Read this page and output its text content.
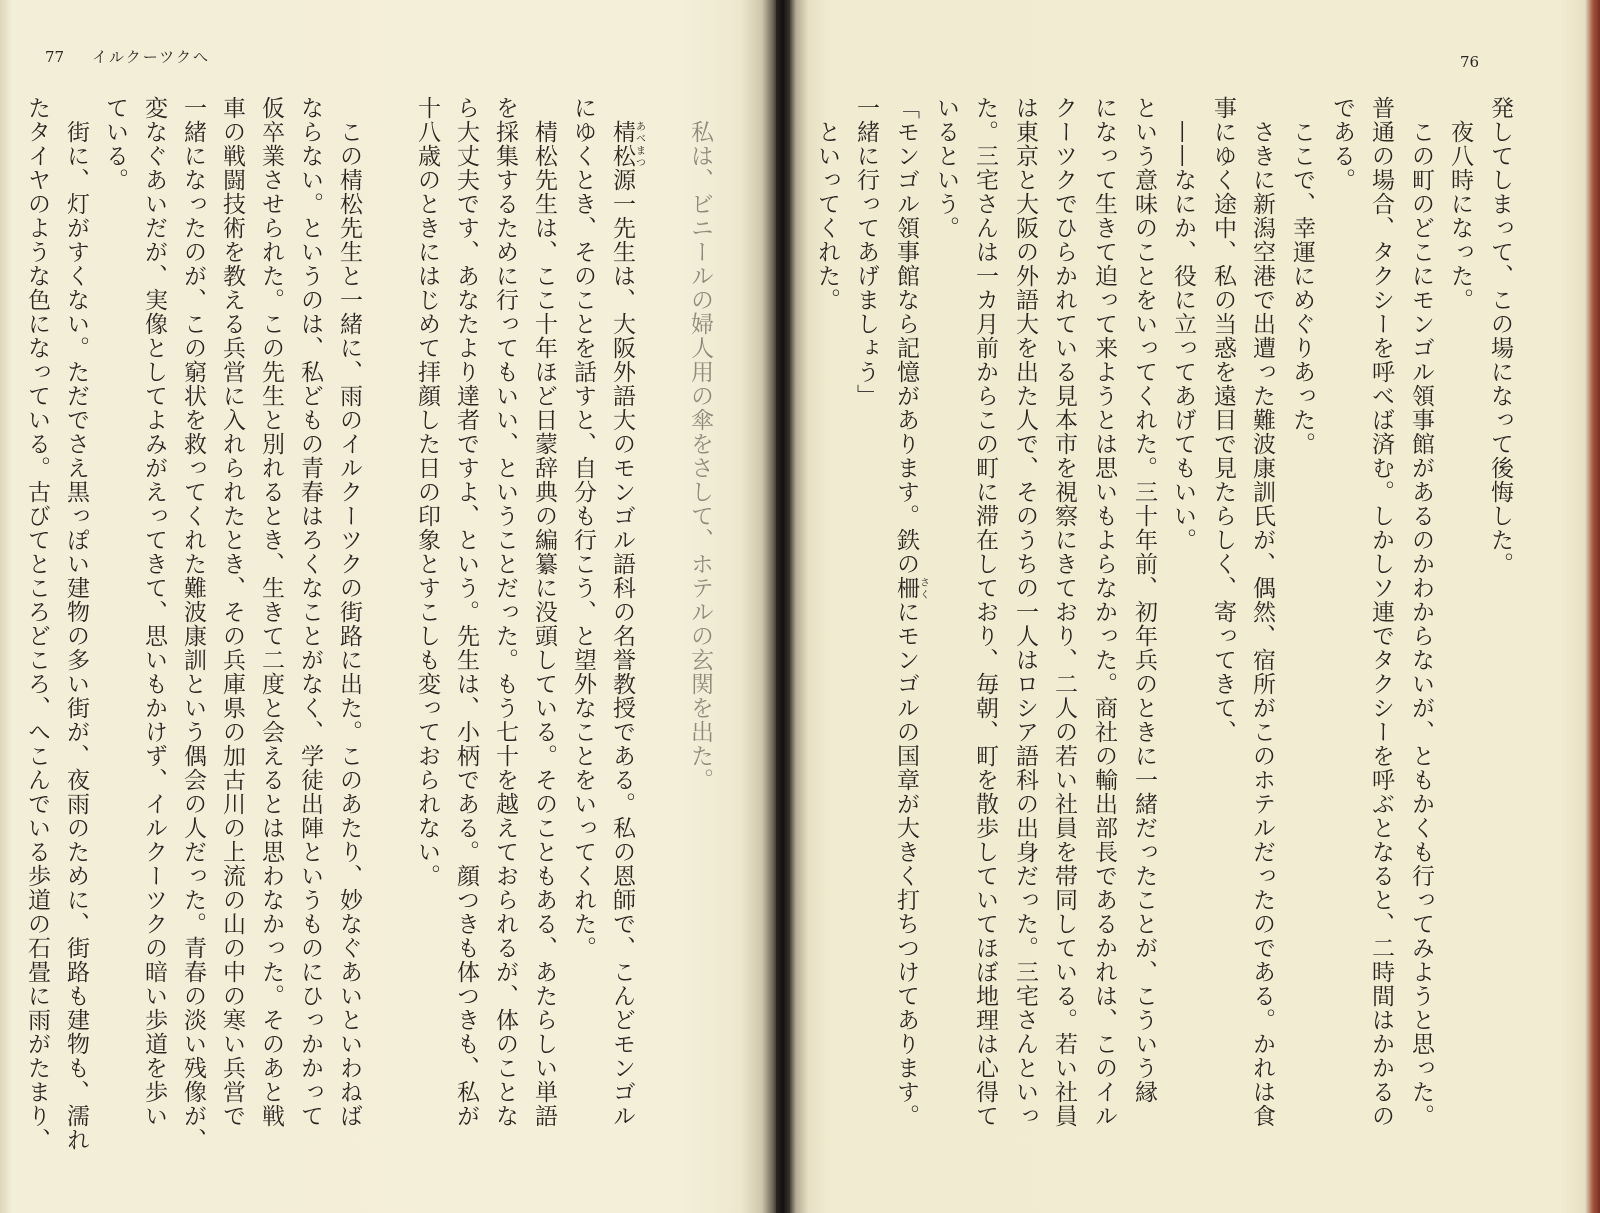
77 イルクーツクへ
私は、ビニールの婦人用の傘をさして、ホテルの玄関を出た。
棈松あべまつ源一先生は、大阪外語大のモンゴル語科の名誉教授である。私の恩師で、こんどモンゴル
にゆくとき、そのことを話すと、自分も行こう、と望外なことをいってくれた。
棈松先生は、ここ十年ほど日蒙辞典の編纂に没頭している。そのこともある、あたらしい単語
を採集するために行ってもいい、ということだった。もう七十を越えておられるが、体のことな
ら大丈夫です、あなたより達者ですよ、という。先生は、小柄である。顔つきも体つきも、私が
十八歳のときにはじめて拝顔した日の印象とすこしも変っておられない。
この棈松先生と一緒に、雨のイルクーツクの街路に出た。このあたり、妙なぐあいといわねば
ならない。というのは、私どもの青春はろくなことがなく、学徒出陣というものにひっかかって
仮卒業させられた。この先生と別れるとき、生きて二度と会えるとは思わなかった。そのあと戦
車の戦闘技術を教える兵営に入れられたとき、その兵庫県の加古川の上流の山の中の寒い兵営で
一緒になったのが、この窮状を救ってくれた難波康訓という偶会の人だった。青春の淡い残像が、
変なぐあいだが、実像としてよみがえってきて、思いもかけず、イルクーツクの暗い歩道を歩い
ている。
街に、灯がすくない。ただでさえ黒っぽい建物の多い街が、夜雨のために、街路も建物も、濡れ
たタイヤのような色になっている。古びてところどころ、へこんでいる歩道の石畳に雨がたまり、
76
発してしまって、この場になって後悔した。
夜八時になった。
この町のどこにモンゴル領事館があるのかわからないが、ともかくも行ってみようと思った。
普通の場合、タクシーを呼べば済む。しかしソ連でタクシーを呼ぶとなると、二時間はかかるの
である。
ここで、幸運にめぐりあった。
さきに新潟空港で出遭った難波康訓氏が、偶然、宿所がこのホテルだったのである。かれは食
事にゆく途中、私の当惑を遠目で見たらしく、寄ってきて、
——なにか、役に立ってあげてもいい。
という意味のことをいってくれた。三十年前、初年兵のときに一緒だったことが、こういう縁
になって生きて迫って来ようとは思いもよらなかった。商社の輸出部長であるかれは、このイル
クーツクでひらかれている見本市を視察にきており、二人の若い社員を帯同している。若い社員
は東京と大阪の外語大を出た人で、そのうちの一人はロシア語科の出身だった。三宅さんといっ
た。三宅さんは一カ月前からこの町に滞在しており、毎朝、町を散歩していてほぼ地理は心得て
いるという。
「モンゴル領事館なら記憶があります。鉄の柵さくにモンゴルの国章が大きく打ちつけてあります。
一緒に行ってあげましょう」
といってくれた。
